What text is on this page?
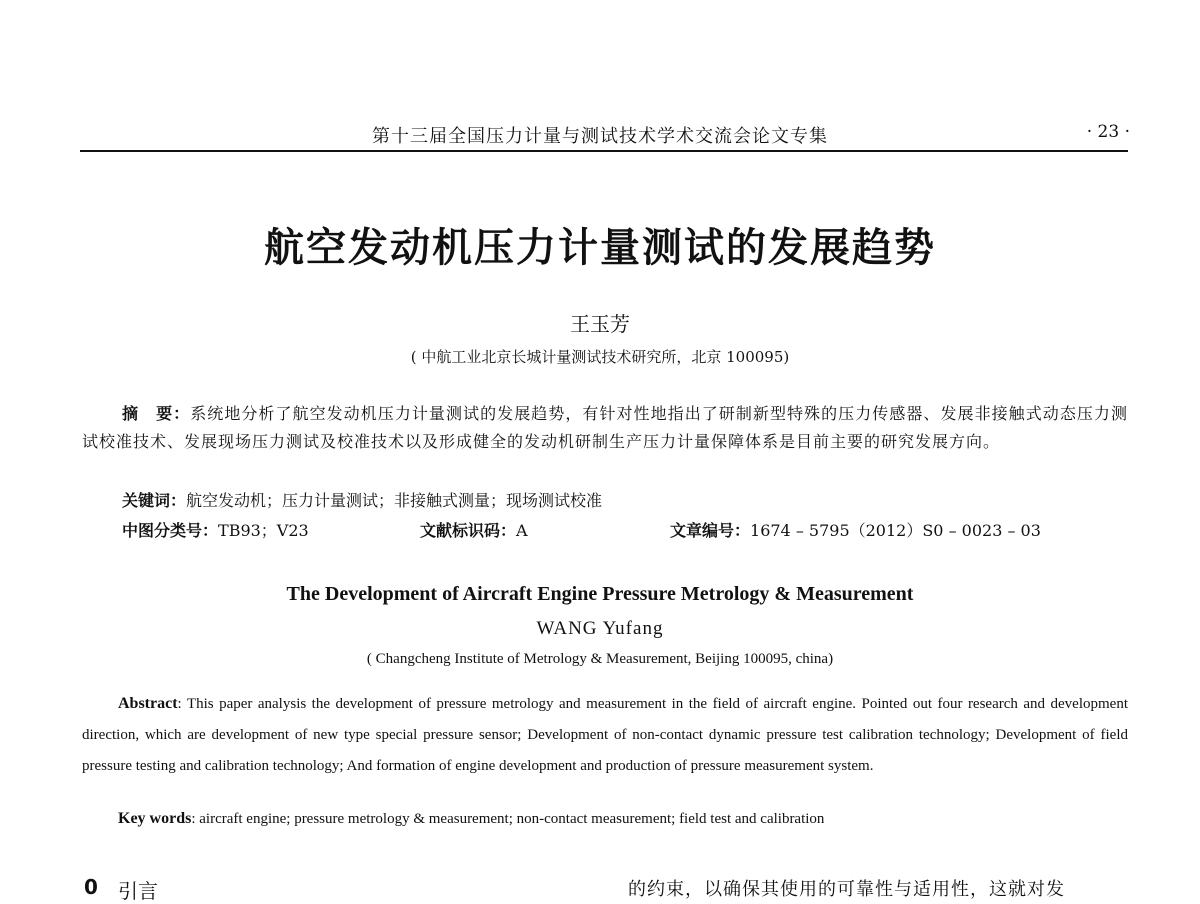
第十三届全国压力计量与测试技术学术交流会论文专集	· 23 ·
航空发动机压力计量测试的发展趋势
王玉芳
( 中航工业北京长城计量测试技术研究所，北京 100095)
摘　要：系统地分析了航空发动机压力计量测试的发展趋势，有针对性地指出了研制新型特殊的压力传感器、发展非接触式动态压力测试校准技术、发展现场压力测试及校准技术以及形成健全的发动机研制生产压力计量保障体系是目前主要的研究发展方向。
关键词：航空发动机；压力计量测试；非接触式测量；现场测试校准
中图分类号：TB93；V23	文献标识码：A	文章编号：1674 – 5795（2012）S0 – 0023 – 03
The Development of Aircraft Engine Pressure Metrology & Measurement
WANG Yufang
( Changcheng Institute of Metrology & Measurement, Beijing 100095, china)
Abstract: This paper analysis the development of pressure metrology and measurement in the field of aircraft engine. Pointed out four research and development direction, which are development of new type special pressure sensor; Development of non-contact dynamic pressure test calibration technology; Development of field pressure testing and calibration technology; And formation of engine development and production of pressure measurement system.
Key words: aircraft engine; pressure metrology & measurement; non-contact measurement; field test and calibration
0 引言	的约束，以确保其使用的可靠性与适用性，这就对发
